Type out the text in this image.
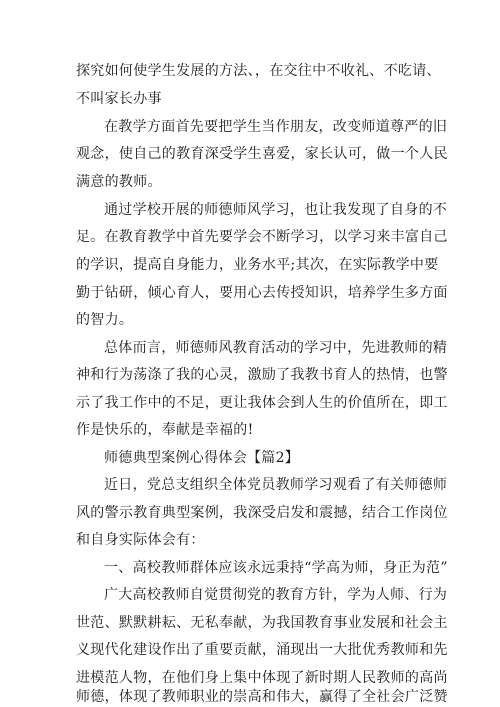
探究如何使学生发展的方法、，在交往中不收礼、不吃请、
不叫家长办事
在教学方面首先要把学生当作朋友，改变师道尊严的旧
观念，使自己的教育深受学生喜爱，家长认可，做一个人民
满意的教师。
通过学校开展的师德师风学习，也让我发现了自身的不
足。在教育教学中首先要学会不断学习，以学习来丰富自己
的学识，提高自身能力，业务水平;其次，在实际教学中要
勤于钻研，倾心育人，要用心去传授知识，培养学生多方面
的智力。
总体而言，师德师风教育活动的学习中，先进教师的精
神和行为荡涤了我的心灵，激励了我教书育人的热情，也警
示了我工作中的不足，更让我体会到人生的价值所在，即工
作是快乐的，奉献是幸福的!
师德典型案例心得体会【篇2】
近日，党总支组织全体党员教师学习观看了有关师德师
风的警示教育典型案例，我深受启发和震撼，结合工作岗位
和自身实际体会有：
一、高校教师群体应该永远秉持“学高为师，身正为范”
广大高校教师自觉贯彻党的教育方针，学为人师、行为
世范、默默耕耘、无私奉献，为我国教育事业发展和社会主
义现代化建设作出了重要贡献，涌现出一大批优秀教师和先
进模范人物，在他们身上集中体现了新时期人民教师的高尚
师德，体现了教师职业的崇高和伟大，赢得了全社会广泛赞
